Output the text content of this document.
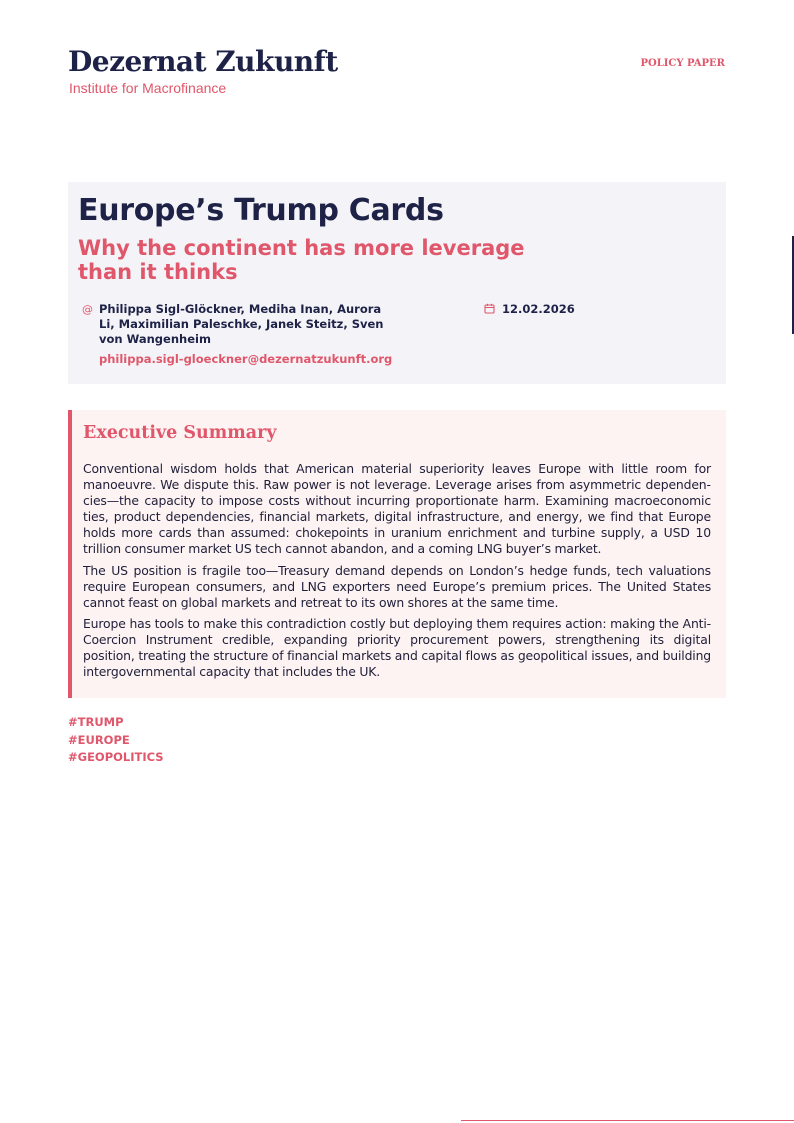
Dezernat Zukunft
Institute for Macrofinance
POLICY PAPER
Europe’s Trump Cards
Why the continent has more leverage than it thinks
@ Philippa Sigl-Glöckner, Mediha Inan, Aurora Li, Maximilian Paleschke, Janek Steitz, Sven von Wangenheim
philippa.sigl-gloeckner@dezernatzukunft.org
12.02.2026
Executive Summary

Conventional wisdom holds that American material superiority leaves Europe with little room for manoeuvre. We dispute this. Raw power is not leverage. Leverage arises from asymmetric dependencies—the capacity to impose costs without incurring proportionate harm. Examining macroeconomic ties, product dependencies, financial markets, digital infrastructure, and energy, we find that Europe holds more cards than assumed: chokepoints in uranium enrichment and turbine supply, a USD 10 trillion consumer market US tech cannot abandon, and a coming LNG buyer’s market.

The US position is fragile too—Treasury demand depends on London’s hedge funds, tech valuations require European consumers, and LNG exporters need Europe’s premium prices. The United States cannot feast on global markets and retreat to its own shores at the same time.

Europe has tools to make this contradiction costly but deploying them requires action: making the Anti-Coercion Instrument credible, expanding priority procurement powers, strengthening its digital position, treating the structure of financial markets and capital flows as geopolitical issues, and building intergovernmental capacity that includes the UK.

#TRUMP
#EUROPE
#GEOPOLITICS
